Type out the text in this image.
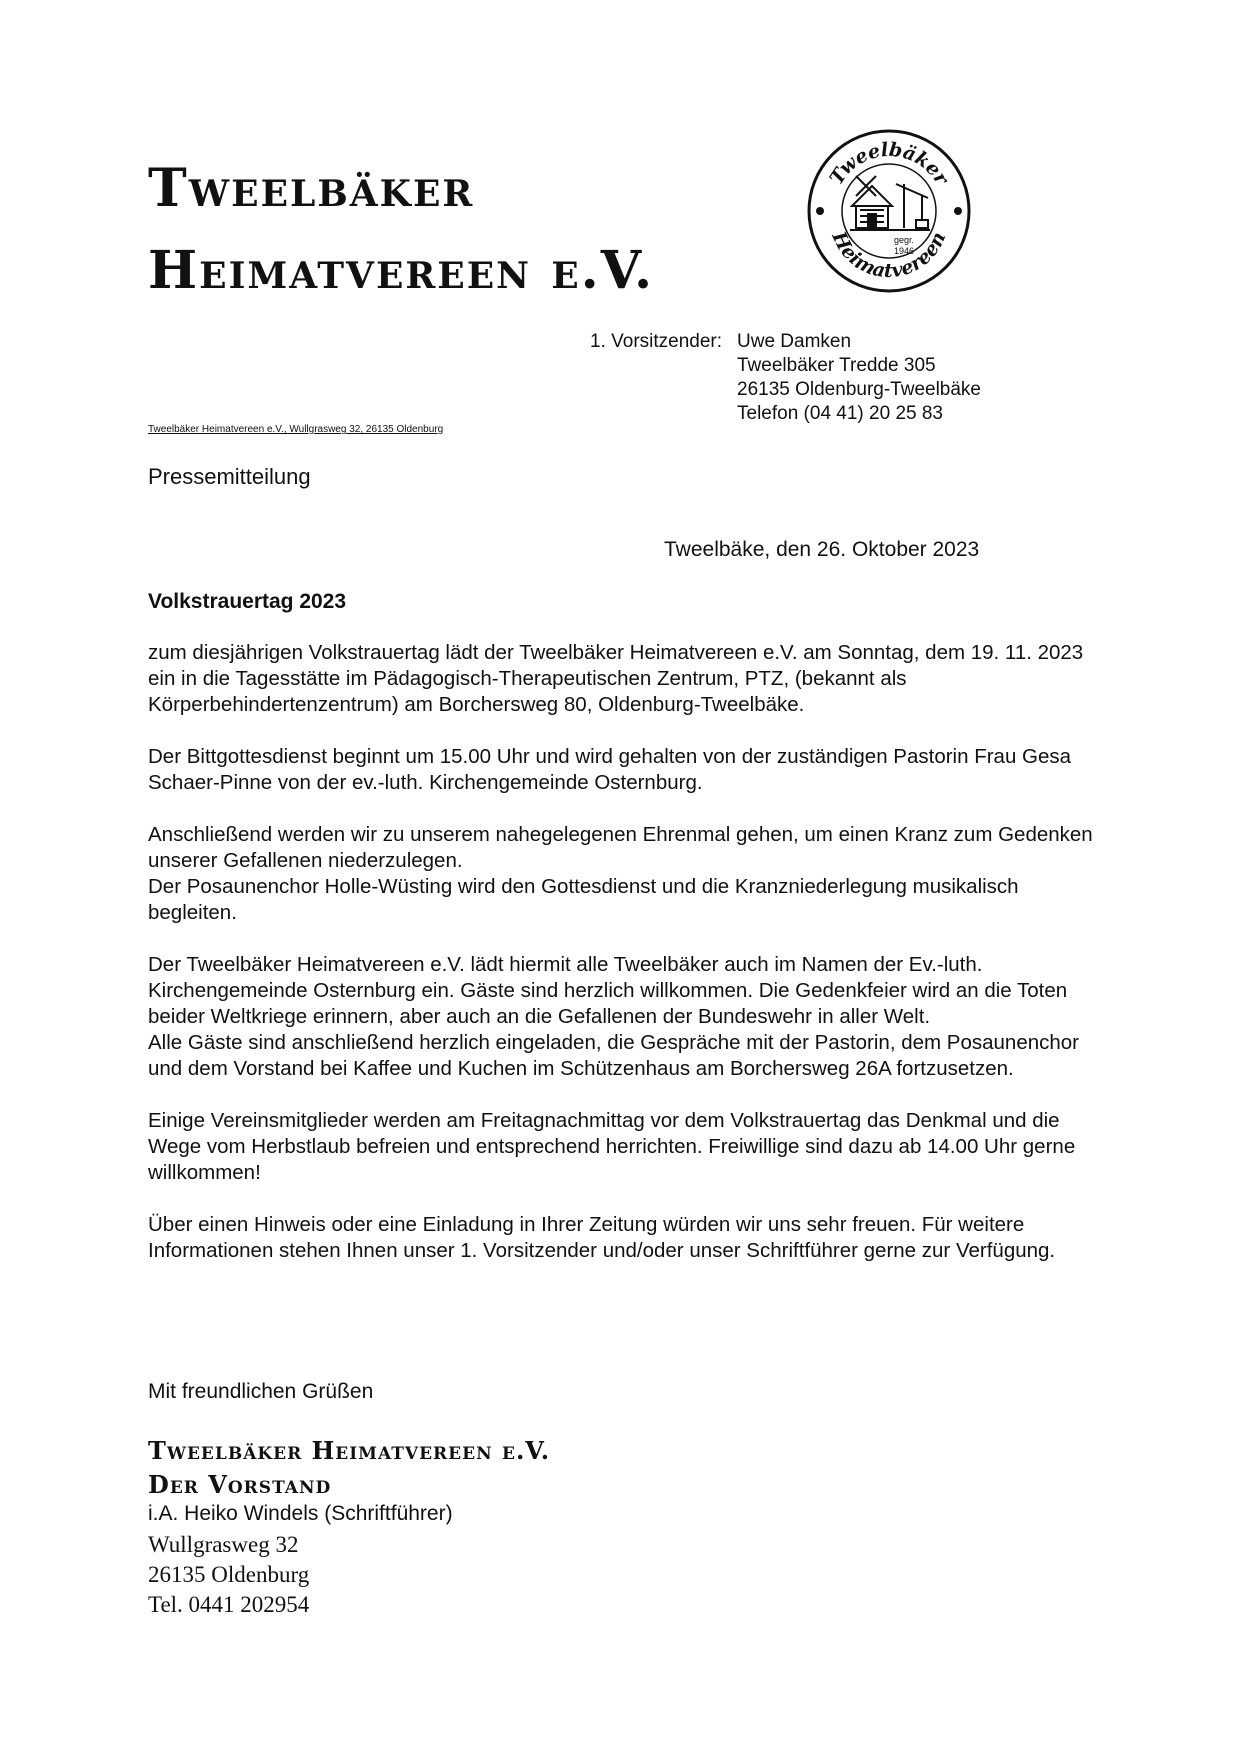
Tweelbäker
Heimatvereen e.V.
Tweelbäker
Heimatvereen
gegr.
1946
1. Vorsitzender: Uwe Damken
Tweelbäker Tredde 305
26135 Oldenburg-Tweelbäke
Telefon (04 41) 20 25 83
Tweelbäker Heimatvereen e.V., Wullgrasweg 32, 26135 Oldenburg
Pressemitteilung
Tweelbäke, den 26. Oktober 2023
Volkstrauertag 2023

zum diesjährigen Volkstrauertag lädt der Tweelbäker Heimatvereen e.V. am Sonntag, dem 19. 11. 2023 ein in die Tagesstätte im Pädagogisch-Therapeutischen Zentrum, PTZ, (bekannt als Körperbehindertenzentrum) am Borchersweg 80, Oldenburg-Tweelbäke.

Der Bittgottesdienst beginnt um 15.00 Uhr und wird gehalten von der zuständigen Pastorin Frau Gesa Schaer-Pinne von der ev.-luth. Kirchengemeinde Osternburg.

Anschließend werden wir zu unserem nahegelegenen Ehrenmal gehen, um einen Kranz zum Gedenken unserer Gefallenen niederzulegen.

Der Posaunenchor Holle-Wüsting wird den Gottesdienst und die Kranzniederlegung musikalisch begleiten.

Der Tweelbäker Heimatvereen e.V. lädt hiermit alle Tweelbäker auch im Namen der Ev.-luth. Kirchengemeinde Osternburg ein. Gäste sind herzlich willkommen. Die Gedenkfeier wird an die Toten beider Weltkriege erinnern, aber auch an die Gefallenen der Bundeswehr in aller Welt.

Alle Gäste sind anschließend herzlich eingeladen, die Gespräche mit der Pastorin, dem Posaunenchor und dem Vorstand bei Kaffee und Kuchen im Schützenhaus am Borchersweg 26A fortzusetzen.

Einige Vereinsmitglieder werden am Freitagnachmittag vor dem Volkstrauertag das Denkmal und die Wege vom Herbstlaub befreien und entsprechend herrichten. Freiwillige sind dazu ab 14.00 Uhr gerne willkommen!

Über einen Hinweis oder eine Einladung in Ihrer Zeitung würden wir uns sehr freuen. Für weitere Informationen stehen Ihnen unser 1. Vorsitzender und/oder unser Schriftführer gerne zur Verfügung.

Mit freundlichen Grüßen
Tweelbäker Heimatvereen e.V.
Der Vorstand
i.A. Heiko Windels (Schriftführer)
Wullgrasweg 32
26135 Oldenburg
Tel. 0441 202954
